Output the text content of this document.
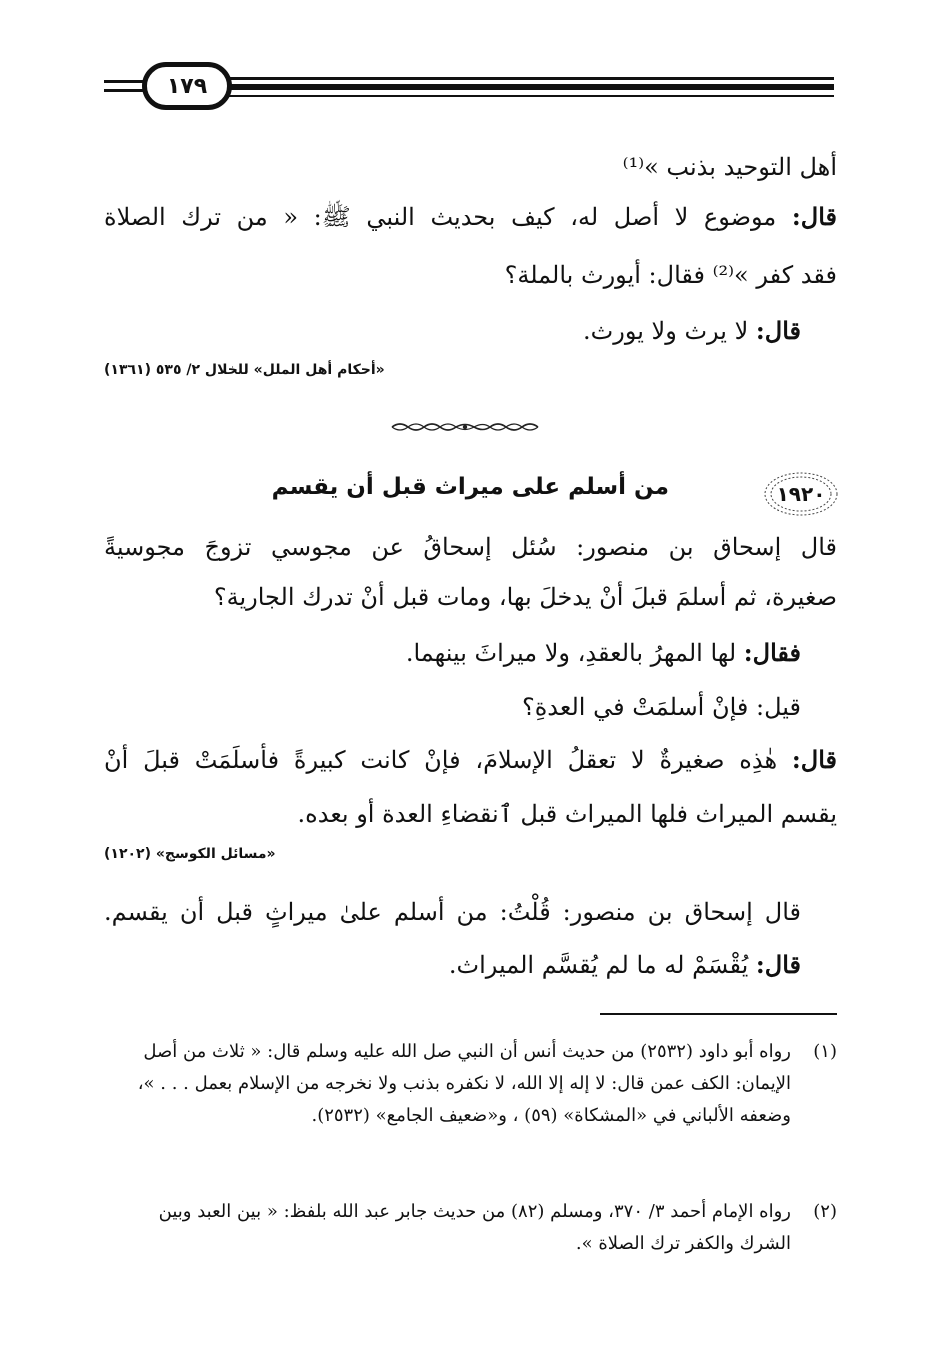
١٧٩
أهل التوحيد بذنب »⁽¹⁾
قال: موضوع لا أصل له، كيف بحديث النبي ﷺ: « من ترك الصلاة
فقد كفر »⁽²⁾ فقال: أيورث بالملة؟
قال: لا يرث ولا يورث.
«أحكام أهل الملل» للخلال ٢/ ٥٣٥ (١٣٦١)
١٩٢٠
من أسلم على ميراث قبل أن يقسم
قال إسحاق بن منصور: سُئل إسحاقُ عن مجوسي تزوجَ مجوسيةً
صغيرة، ثم أسلمَ قبلَ أنْ يدخلَ بها، ومات قبل أنْ تدرك الجارية؟
فقال: لها المهرُ بالعقدِ، ولا ميراثَ بينهما.
قيل: فإنْ أسلمَتْ في العدةِ؟
قال: هٰذِه صغيرةٌ لا تعقلُ الإسلامَ، فإنْ كانت كبيرةً فأسلَمَتْ قبلَ أنْ
يقسم الميراث فلها الميراث قبل ٱنقضاءِ العدة أو بعده.
«مسائل الكوسج» (١٢٠٢)
قال إسحاق بن منصور: قُلْتُ: من أسلم علىٰ ميراثٍ قبل أن يقسم.
قال: يُقْسَمْ له ما لم يُقسَّم الميراث.
(١)
رواه أبو داود (٢٥٣٢) من حديث أنس أن النبي صل الله عليه وسلم قال: « ثلاث من أصل الإيمان: الكف عمن قال: لا إله إلا الله، لا نكفره بذنب ولا نخرجه من الإسلام بعمل . . . »، وضعفه الألباني في «المشكاة» (٥٩) ، و«ضعيف الجامع» (٢٥٣٢).
(٢)
رواه الإمام أحمد ٣/ ٣٧٠، ومسلم (٨٢) من حديث جابر عبد الله بلفظ: « بين العبد وبين الشرك والكفر ترك الصلاة ».
